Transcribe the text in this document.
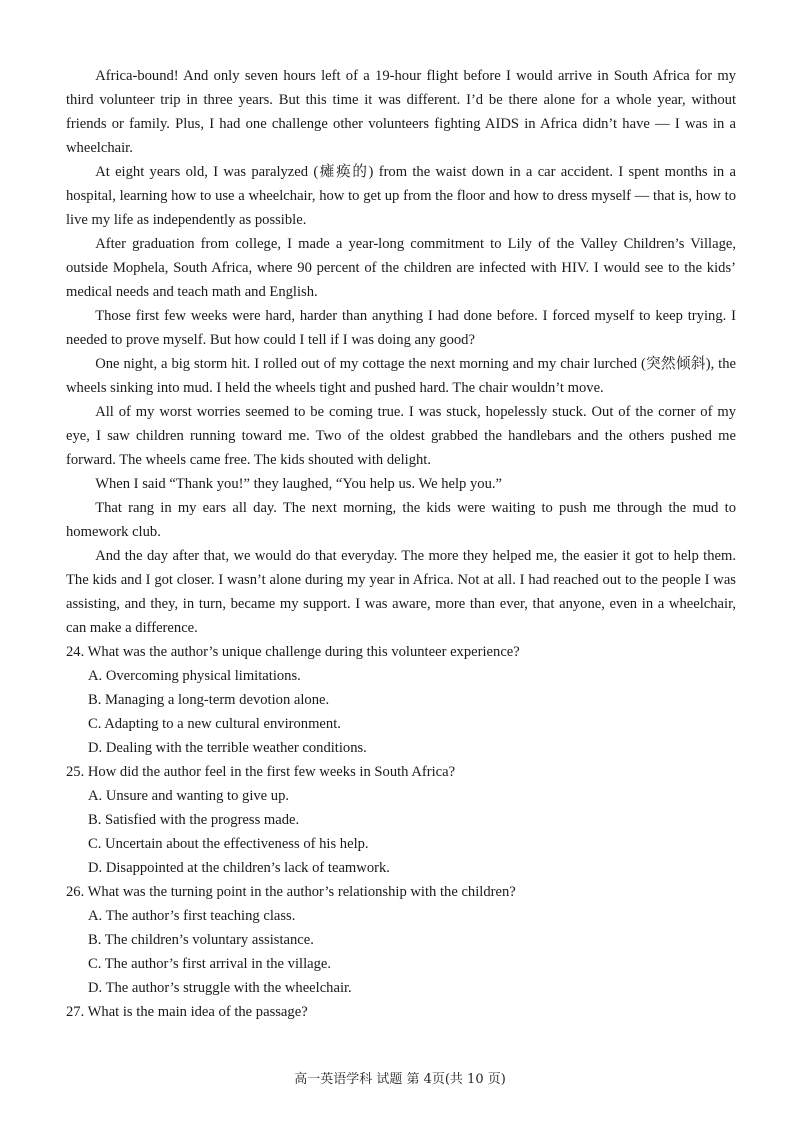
Africa-bound! And only seven hours left of a 19-hour flight before I would arrive in South Africa for my third volunteer trip in three years. But this time it was different. I’d be there alone for a whole year, without friends or family. Plus, I had one challenge other volunteers fighting AIDS in Africa didn’t have — I was in a wheelchair.

At eight years old, I was paralyzed (瘫痪的) from the waist down in a car accident. I spent months in a hospital, learning how to use a wheelchair, how to get up from the floor and how to dress myself — that is, how to live my life as independently as possible.

After graduation from college, I made a year-long commitment to Lily of the Valley Children’s Village, outside Mophela, South Africa, where 90 percent of the children are infected with HIV. I would see to the kids’ medical needs and teach math and English.

Those first few weeks were hard, harder than anything I had done before. I forced myself to keep trying. I needed to prove myself. But how could I tell if I was doing any good?

One night, a big storm hit. I rolled out of my cottage the next morning and my chair lurched (突然倾斜), the wheels sinking into mud. I held the wheels tight and pushed hard. The chair wouldn’t move.

All of my worst worries seemed to be coming true. I was stuck, hopelessly stuck. Out of the corner of my eye, I saw children running toward me. Two of the oldest grabbed the handlebars and the others pushed me forward. The wheels came free. The kids shouted with delight.

When I said “Thank you!” they laughed, “You help us. We help you.”

That rang in my ears all day. The next morning, the kids were waiting to push me through the mud to homework club.

And the day after that, we would do that everyday. The more they helped me, the easier it got to help them. The kids and I got closer. I wasn’t alone during my year in Africa. Not at all. I had reached out to the people I was assisting, and they, in turn, became my support. I was aware, more than ever, that anyone, even in a wheelchair, can make a difference.

24. What was the author’s unique challenge during this volunteer experience?

A. Overcoming physical limitations.

B. Managing a long-term devotion alone.

C. Adapting to a new cultural environment.

D. Dealing with the terrible weather conditions.

25. How did the author feel in the first few weeks in South Africa?

A. Unsure and wanting to give up.

B. Satisfied with the progress made.

C. Uncertain about the effectiveness of his help.

D. Disappointed at the children’s lack of teamwork.

26. What was the turning point in the author’s relationship with the children?

A. The author’s first teaching class.

B. The children’s voluntary assistance.

C. The author’s first arrival in the village.

D. The author’s struggle with the wheelchair.

27. What is the main idea of the passage?

高一英语学科 试题 第 4页(共 10 页)
